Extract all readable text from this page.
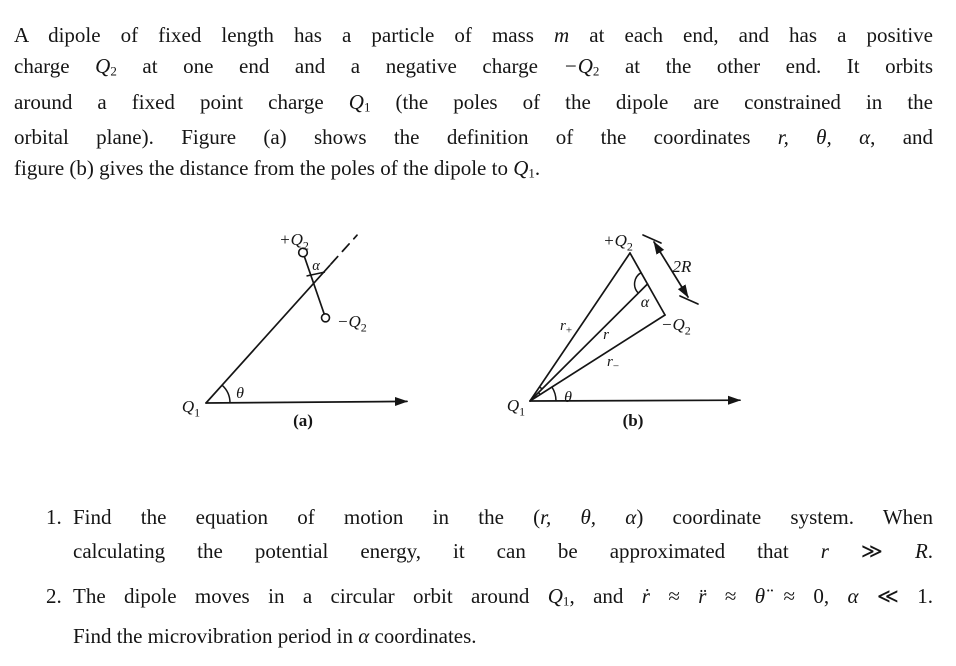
A dipole of fixed length has a particle of mass m at each end, and has a positive
charge Q2 at one end and a negative charge −Q2 at the other end. It orbits
around a fixed point charge Q1 (the poles of the dipole are constrained in the
orbital plane). Figure (a) shows the definition of the coordinates r, θ, α, and
figure (b) gives the distance from the poles of the dipole to Q1.
$+Q_2$
α
$-Q_2$
θ
$Q_1$	(a)
$+Q_2$
2R
α
$-Q_2$
$r_+$ r
$r_-$
θ
$Q_1$	(b)
1. Find the equation of motion in the (r, θ, α) coordinate system. When
calculating the potential energy, it can be approximated that r ≫ R.
2. The dipole moves in a circular orbit around Q1, and ṙ ≈ r̈ ≈ θ̈ ≈ 0, α ≪ 1.
Find the microvibration period in α coordinates.
